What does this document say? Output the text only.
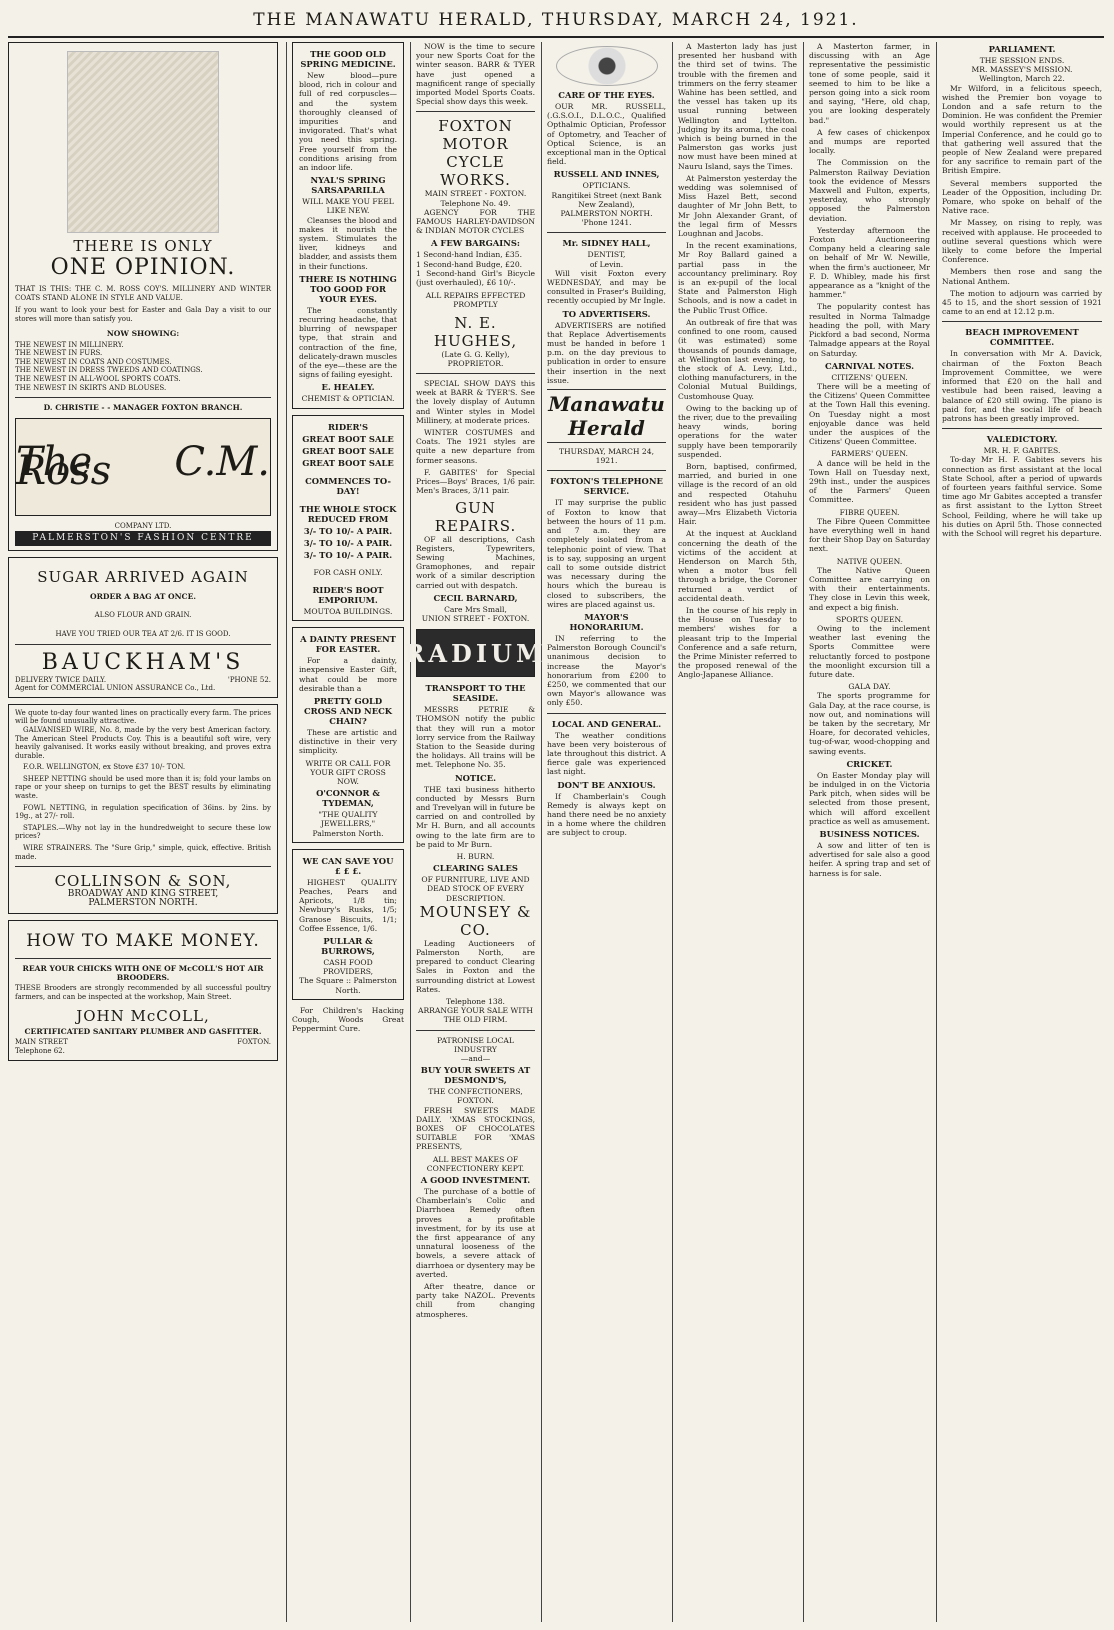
THE MANAWATU HERALD, THURSDAY, MARCH 24, 1921.
THERE IS ONLY
ONE OPINION.
THAT IS THIS: THE C. M. ROSS COY'S. MILLINERY AND WINTER COATS STAND ALONE IN STYLE AND VALUE.
If you want to look your best for Easter and Gala Day a visit to our stores will more than satisfy you.
NOW SHOWING:
THE NEWEST IN MILLINERY.
THE NEWEST IN FURS.
THE NEWEST IN COATS AND COSTUMES.
THE NEWEST IN DRESS TWEEDS AND COATINGS.
THE NEWEST IN ALL-WOOL SPORTS COATS.
THE NEWEST IN SKIRTS AND BLOUSES.
D. CHRISTIE - - MANAGER FOXTON BRANCH.
The C.M. Ross
COMPANY LTD.
PALMERSTON'S FASHION CENTRE
SUGAR ARRIVED AGAIN
ORDER A BAG AT ONCE.
ALSO FLOUR AND GRAIN.
HAVE YOU TRIED OUR TEA AT 2/6. IT IS GOOD.
BAUCKHAM'S
DELIVERY TWICE DAILY.	'PHONE 52.
Agent for COMMERCIAL UNION ASSURANCE Co., Ltd.
We quote to-day four wanted lines on practically every farm. The prices will be found unusually attractive.

GALVANISED WIRE, No. 8, made by the very best American factory. The American Steel Products Coy. This is a beautiful soft wire, very heavily galvanised. It works easily without breaking, and proves extra durable.

F.O.R. WELLINGTON, ex Stove £37 10/- TON.

SHEEP NETTING should be used more than it is; fold your lambs on rape or your sheep on turnips to get the BEST results by eliminating waste.

FOWL NETTING, in regulation specification of 36ins. by 2ins. by 19g., at 27/- roll.

STAPLES.—Why not lay in the hundredweight to secure these low prices?

WIRE STRAINERS. The "Sure Grip," simple, quick, effective. British made.

COLLINSON & SON,
BROADWAY AND KING STREET,
PALMERSTON NORTH.
HOW TO MAKE MONEY.
REAR YOUR CHICKS WITH ONE OF McCOLL'S HOT AIR BROODERS.
THESE Brooders are strongly recommended by all successful poultry farmers, and can be inspected at the workshop, Main Street.
JOHN McCOLL,
CERTIFICATED SANITARY PLUMBER AND GASFITTER.
MAIN STREET	FOXTON.
Telephone 62.
THE GOOD OLD SPRING MEDICINE.

New blood—pure blood, rich in colour and full of red corpuscles—and the system thoroughly cleansed of impurities and invigorated. That's what you need this spring. Free yourself from the conditions arising from an indoor life.

NYAL'S SPRING SARSAPARILLA
WILL MAKE YOU FEEL LIKE NEW.

Cleanses the blood and makes it nourish the system. Stimulates the liver, kidneys and bladder, and assists them in their functions.

THERE IS NOTHING TOO GOOD FOR YOUR EYES.

The constantly recurring headache, that blurring of newspaper type, that strain and contraction of the fine, delicately-drawn muscles of the eye—these are the signs of failing eyesight.

E. HEALEY.
CHEMIST & OPTICIAN.
RIDER'S
GREAT BOOT SALE
GREAT BOOT SALE
GREAT BOOT SALE
COMMENCES TO-DAY!
THE WHOLE STOCK REDUCED FROM
3/- TO 10/- A PAIR.
3/- TO 10/- A PAIR.
3/- TO 10/- A PAIR.
FOR CASH ONLY.
RIDER'S BOOT EMPORIUM.
MOUTOA BUILDINGS.
A DAINTY PRESENT FOR EASTER.

For a dainty, inexpensive Easter Gift, what could be more desirable than a

PRETTY GOLD CROSS AND NECK CHAIN?

These are artistic and distinctive in their very simplicity.

WRITE OR CALL FOR YOUR GIFT CROSS NOW.
O'CONNOR & TYDEMAN,
"THE QUALITY JEWELLERS,"
Palmerston North.
WE CAN SAVE YOU £ £ £.

HIGHEST QUALITY Peaches, Pears and Apricots, 1/8 tin; Newbury's Rusks, 1/5; Granose Biscuits, 1/1; Coffee Essence, 1/6.

PULLAR & BURROWS,
CASH FOOD PROVIDERS,
The Square :: Palmerston North.

For Children's Hacking Cough, Woods Great Peppermint Cure.

NOW is the time to secure your new Sports Coat for the winter season. BARR & TYER have just opened a magnificent range of specially imported Model Sports Coats. Special show days this week.

FOXTON
MOTOR CYCLE
WORKS.
MAIN STREET - FOXTON.
Telephone No. 49.

AGENCY FOR THE FAMOUS HARLEY-DAVIDSON & INDIAN MOTOR CYCLES

A FEW BARGAINS:
1 Second-hand Indian, £35.
1 Second-hand Budge, £20.
1 Second-hand Girl's Bicycle (just overhauled), £6 10/-.
ALL REPAIRS EFFECTED PROMPTLY
N. E. HUGHES,
(Late G. G. Kelly),
PROPRIETOR.

SPECIAL SHOW DAYS this week at BARR & TYER'S. See the lovely display of Autumn and Winter styles in Model Millinery, at moderate prices.

WINTER COSTUMES and Coats. The 1921 styles are quite a new departure from former seasons.

F. GABITES' for Special Prices—Boys' Braces, 1/6 pair. Men's Braces, 3/11 pair.

GUN REPAIRS.

OF all descriptions, Cash Registers, Typewriters, Sewing Machines, Gramophones, and repair work of a similar description carried out with despatch.

CECIL BARNARD,
Care Mrs Small,
UNION STREET - FOXTON.
RADIUM
TRANSPORT TO THE SEASIDE.

MESSRS PETRIE & THOMSON notify the public that they will run a motor lorry service from the Railway Station to the Seaside during the holidays. All trains will be met. Telephone No. 35.

NOTICE.

THE taxi business hitherto conducted by Messrs Burn and Trevelyan will in future be carried on and controlled by Mr H. Burn, and all accounts owing to the late firm are to be paid to Mr Burn.

H. BURN.
CLEARING SALES
OF FURNITURE, LIVE AND DEAD STOCK OF EVERY DESCRIPTION.
MOUNSEY & CO.

Leading Auctioneers of Palmerston North, are prepared to conduct Clearing Sales in Foxton and the surrounding district at Lowest Rates.

Telephone 138.
ARRANGE YOUR SALE WITH THE OLD FIRM.
PATRONISE LOCAL INDUSTRY
—and—
BUY YOUR SWEETS AT DESMOND'S,
THE CONFECTIONERS, FOXTON.

FRESH SWEETS MADE DAILY. 'XMAS STOCKINGS, BOXES OF CHOCOLATES SUITABLE FOR 'XMAS PRESENTS,

ALL BEST MAKES OF CONFECTIONERY KEPT.
A GOOD INVESTMENT.

The purchase of a bottle of Chamberlain's Colic and Diarrhoea Remedy often proves a profitable investment, for by its use at the first appearance of any unnatural looseness of the bowels, a severe attack of diarrhoea or dysentery may be averted.

After theatre, dance or party take NAZOL. Prevents chill from changing atmospheres.

CARE OF THE EYES.

OUR MR. RUSSELL, (.G.S.O.I., D.L.O.C., Qualified Opthalmic Optician, Professor of Optometry, and Teacher of Optical Science, is an exceptional man in the Optical field.

RUSSELL AND INNES,
OPTICIANS.
Rangitikei Street (next Bank New Zealand),
PALMERSTON NORTH.
'Phone 1241.
Mr. SIDNEY HALL,
DENTIST,
of Levin.

Will visit Foxton every WEDNESDAY, and may be consulted in Fraser's Building, recently occupied by Mr Ingle.

TO ADVERTISERS.

ADVERTISERS are notified that Replace Advertisements must be handed in before 1 p.m. on the day previous to publication in order to ensure their insertion in the next issue.

Manawatu Herald
THURSDAY, MARCH 24, 1921.
FOXTON'S TELEPHONE SERVICE.

IT may surprise the public of Foxton to know that between the hours of 11 p.m. and 7 a.m. they are completely isolated from a telephonic point of view. That is to say, supposing an urgent call to some outside district was necessary during the hours which the bureau is closed to subscribers, the wires are placed against us.

MAYOR'S HONORARIUM.

IN referring to the Palmerston Borough Council's unanimous decision to increase the Mayor's honorarium from £200 to £250, we commented that our own Mayor's allowance was only £50.

LOCAL AND GENERAL.

The weather conditions have been very boisterous of late throughout this district. A fierce gale was experienced last night.

DON'T BE ANXIOUS.

If Chamberlain's Cough Remedy is always kept on hand there need be no anxiety in a home where the children are subject to croup.

A Masterton lady has just presented her husband with the third set of twins. The trouble with the firemen and trimmers on the ferry steamer Wahine has been settled, and the vessel has taken up its usual running between Wellington and Lyttelton. Judging by its aroma, the coal which is being burned in the Palmerston gas works just now must have been mined at Nauru Island, says the Times.

At Palmerston yesterday the wedding was solemnised of Miss Hazel Bett, second daughter of Mr John Bett, to Mr John Alexander Grant, of the legal firm of Messrs Loughnan and Jacobs.

In the recent examinations, Mr Roy Ballard gained a partial pass in the accountancy preliminary. Roy is an ex-pupil of the local State and Palmerston High Schools, and is now a cadet in the Public Trust Office.

An outbreak of fire that was confined to one room, caused (it was estimated) some thousands of pounds damage, at Wellington last evening, to the stock of A. Levy, Ltd., clothing manufacturers, in the Colonial Mutual Buildings, Customhouse Quay.

Owing to the backing up of the river, due to the prevailing heavy winds, boring operations for the water supply have been temporarily suspended.

Born, baptised, confirmed, married, and buried in one village is the record of an old and respected Otahuhu resident who has just passed away—Mrs Elizabeth Victoria Hair.

At the inquest at Auckland concerning the death of the victims of the accident at Henderson on March 5th, when a motor 'bus fell through a bridge, the Coroner returned a verdict of accidental death.

In the course of his reply in the House on Tuesday to members' wishes for a pleasant trip to the Imperial Conference and a safe return, the Prime Minister referred to the proposed renewal of the Anglo-Japanese Alliance.

A Masterton farmer, in discussing with an Age representative the pessimistic tone of some people, said it seemed to him to be like a person going into a sick room and saying, "Here, old chap, you are looking desperately bad."

A few cases of chickenpox and mumps are reported locally.

The Commission on the Palmerston Railway Deviation took the evidence of Messrs Maxwell and Fulton, experts, yesterday, who strongly opposed the Palmerston deviation.

Yesterday afternoon the Foxton Auctioneering Company held a clearing sale on behalf of Mr W. Newille, when the firm's auctioneer, Mr F. D. Whibley, made his first appearance as a "knight of the hammer."

The popularity contest has resulted in Norma Talmadge heading the poll, with Mary Pickford a bad second, Norma Talmadge appears at the Royal on Saturday.

CARNIVAL NOTES.
CITIZENS' QUEEN.

There will be a meeting of the Citizens' Queen Committee at the Town Hall this evening. On Tuesday night a most enjoyable dance was held under the auspices of the Citizens' Queen Committee.

FARMERS' QUEEN.

A dance will be held in the Town Hall on Tuesday next, 29th inst., under the auspices of the Farmers' Queen Committee.

FIBRE QUEEN.

The Fibre Queen Committee have everything well in hand for their Shop Day on Saturday next.

NATIVE QUEEN.

The Native Queen Committee are carrying on with their entertainments. They close in Levin this week, and expect a big finish.

SPORTS QUEEN.

Owing to the inclement weather last evening the Sports Committee were reluctantly forced to postpone the moonlight excursion till a future date.

GALA DAY.

The sports programme for Gala Day, at the race course, is now out, and nominations will be taken by the secretary, Mr Hoare, for decorated vehicles, tug-of-war, wood-chopping and sawing events.

CRICKET.

On Easter Monday play will be indulged in on the Victoria Park pitch, when sides will be selected from those present, which will afford excellent practice as well as amusement.

BUSINESS NOTICES.

A sow and litter of ten is advertised for sale also a good heifer. A spring trap and set of harness is for sale.

PARLIAMENT.
THE SESSION ENDS.
MR. MASSEY'S MISSION.
Wellington, March 22.

Mr Wilford, in a felicitous speech, wished the Premier bon voyage to London and a safe return to the Dominion. He was confident the Premier would worthily represent us at the Imperial Conference, and he could go to that gathering well assured that the people of New Zealand were prepared for any sacrifice to remain part of the British Empire.

Several members supported the Leader of the Opposition, including Dr. Pomare, who spoke on behalf of the Native race.

Mr Massey, on rising to reply, was received with applause. He proceeded to outline several questions which were likely to come before the Imperial Conference.

Members then rose and sang the National Anthem.

The motion to adjourn was carried by 45 to 15, and the short session of 1921 came to an end at 12.12 p.m.

BEACH IMPROVEMENT COMMITTEE.

In conversation with Mr A. Davick, chairman of the Foxton Beach Improvement Committee, we were informed that £20 on the hall and vestibule had been raised, leaving a balance of £20 still owing. The piano is paid for, and the social life of beach patrons has been greatly improved.

VALEDICTORY.
MR. H. F. GABITES.

To-day Mr H. F. Gabites severs his connection as first assistant at the local State School, after a period of upwards of fourteen years faithful service. Some time ago Mr Gabites accepted a transfer as first assistant to the Lytton Street School, Feilding, where he will take up his duties on April 5th. Those connected with the School will regret his departure.
